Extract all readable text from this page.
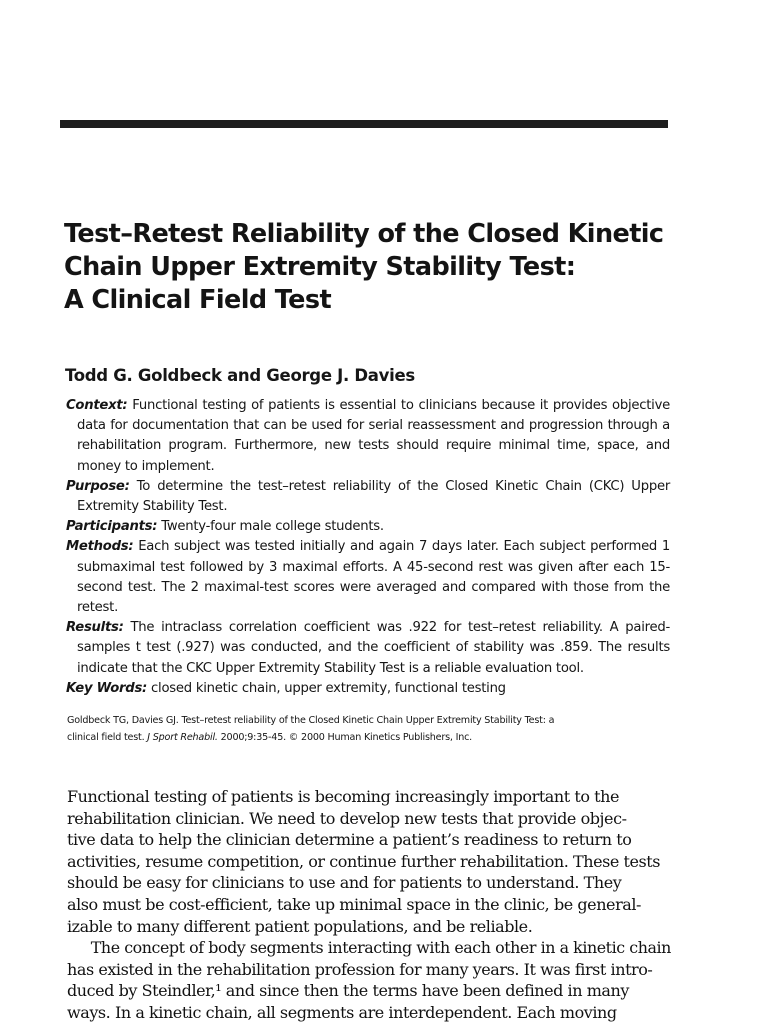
Test–Retest Reliability of the Closed Kinetic
Chain Upper Extremity Stability Test:
A Clinical Field Test
Todd G. Goldbeck and George J. Davies
Context: Functional testing of patients is essential to clinicians because it provides objective data for documentation that can be used for serial reassessment and progression through a rehabilitation program. Furthermore, new tests should require minimal time, space, and money to implement.
Purpose: To determine the test–retest reliability of the Closed Kinetic Chain (CKC) Upper Extremity Stability Test.
Participants: Twenty-four male college students.
Methods: Each subject was tested initially and again 7 days later. Each subject performed 1 submaximal test followed by 3 maximal efforts. A 45-second rest was given after each 15-second test. The 2 maximal-test scores were averaged and compared with those from the retest.
Results: The intraclass correlation coefficient was .922 for test–retest reliability. A paired-samples t test (.927) was conducted, and the coefficient of stability was .859. The results indicate that the CKC Upper Extremity Stability Test is a reliable evaluation tool.
Key Words: closed kinetic chain, upper extremity, functional testing
Goldbeck TG, Davies GJ. Test–retest reliability of the Closed Kinetic Chain Upper Extremity Stability Test: a
clinical field test. J Sport Rehabil. 2000;9:35-45. © 2000 Human Kinetics Publishers, Inc.
Functional testing of patients is becoming increasingly important to the
rehabilitation clinician. We need to develop new tests that provide objec-
tive data to help the clinician determine a patient’s readiness to return to
activities, resume competition, or continue further rehabilitation. These tests
should be easy for clinicians to use and for patients to understand. They
also must be cost-efficient, take up minimal space in the clinic, be general-
izable to many different patient populations, and be reliable.
The concept of body segments interacting with each other in a kinetic chain
has existed in the rehabilitation profession for many years. It was first intro-
duced by Steindler,¹ and since then the terms have been defined in many
ways. In a kinetic chain, all segments are interdependent. Each moving
